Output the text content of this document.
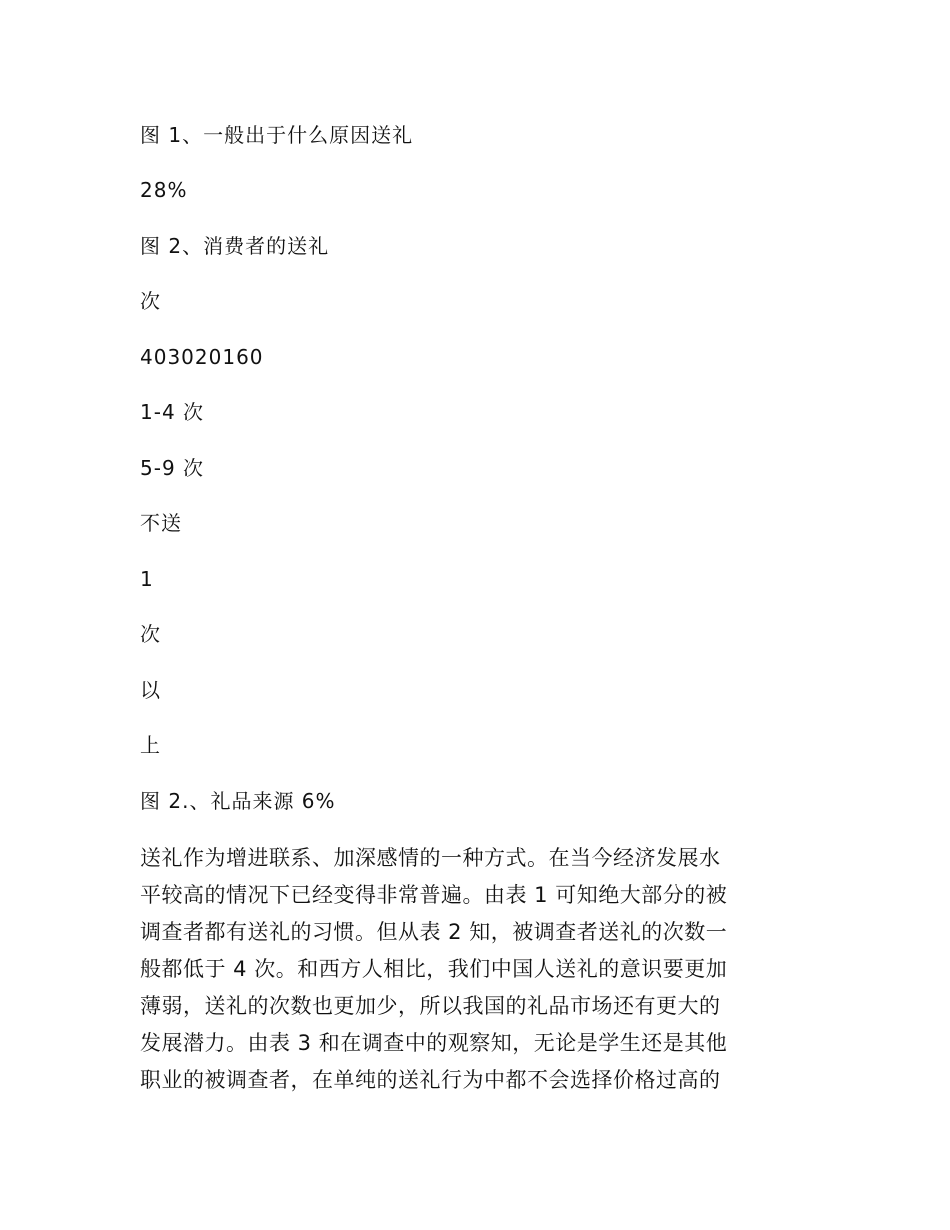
图 1、一般出于什么原因送礼
28%
图 2、消费者的送礼
次
403020160
1-4 次
5-9 次
不送
1
次
以
上
图 2.、礼品来源 6%
送礼作为增进联系、加深感情的一种方式。在当今经济发展水
平较高的情况下已经变得非常普遍。由表 1 可知绝大部分的被
调查者都有送礼的习惯。但从表 2 知，被调查者送礼的次数一
般都低于 4 次。和西方人相比，我们中国人送礼的意识要更加
薄弱，送礼的次数也更加少，所以我国的礼品市场还有更大的
发展潜力。由表 3 和在调查中的观察知，无论是学生还是其他
职业的被调查者，在单纯的送礼行为中都不会选择价格过高的
